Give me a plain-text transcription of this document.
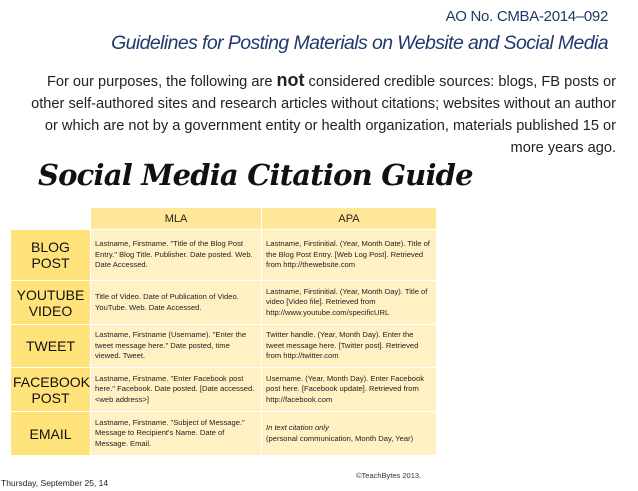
AO No. CMBA-2014–092
Guidelines for Posting Materials on Website and Social Media
For our purposes, the following are not considered credible sources: blogs, FB posts or other self-authored sites and research articles without citations; websites without an author or which are not by a government entity or health organization, materials published 15 or more years ago.
Social Media Citation Guide
	MLA	APA
BLOG POST	Lastname, Firstname. "Title of the Blog Post Entry." Blog Title. Publisher. Date posted. Web. Date Accessed.	Lastname, Firstinitial. (Year, Month Date). Title of the Blog Post Entry. [Web Log Post]. Retrieved from http://thewebsite.com
YOUTUBE VIDEO	Title of Video. Date of Publication of Video. YouTube. Web. Date Accessed.	Lastname, Firstinitial. (Year, Month Day). Title of video [Video file]. Retrieved from http://www.youtube.com/specificURL
TWEET	Lastname, Firstname (Username). "Enter the tweet message here." Date posted, time viewed. Tweet.	Twitter handle. (Year, Month Day). Enter the tweet message here. [Twitter post]. Retrieved from http://twitter.com
FACEBOOK POST	Lastname, Firstname. "Enter Facebook post here." Facebook. Date posted. [Date accessed. <web address>]	Username. (Year, Month Day). Enter Facebook post here. [Facebook update]. Retrieved from http://facebook.com
EMAIL	Lastname, Firstname. "Subject of Message." Message to Recipient's Name. Date of Message. Email.	In text citation only
(personal communication, Month Day, Year)
©TeachBytes 2013.
Thursday, September 25, 14
